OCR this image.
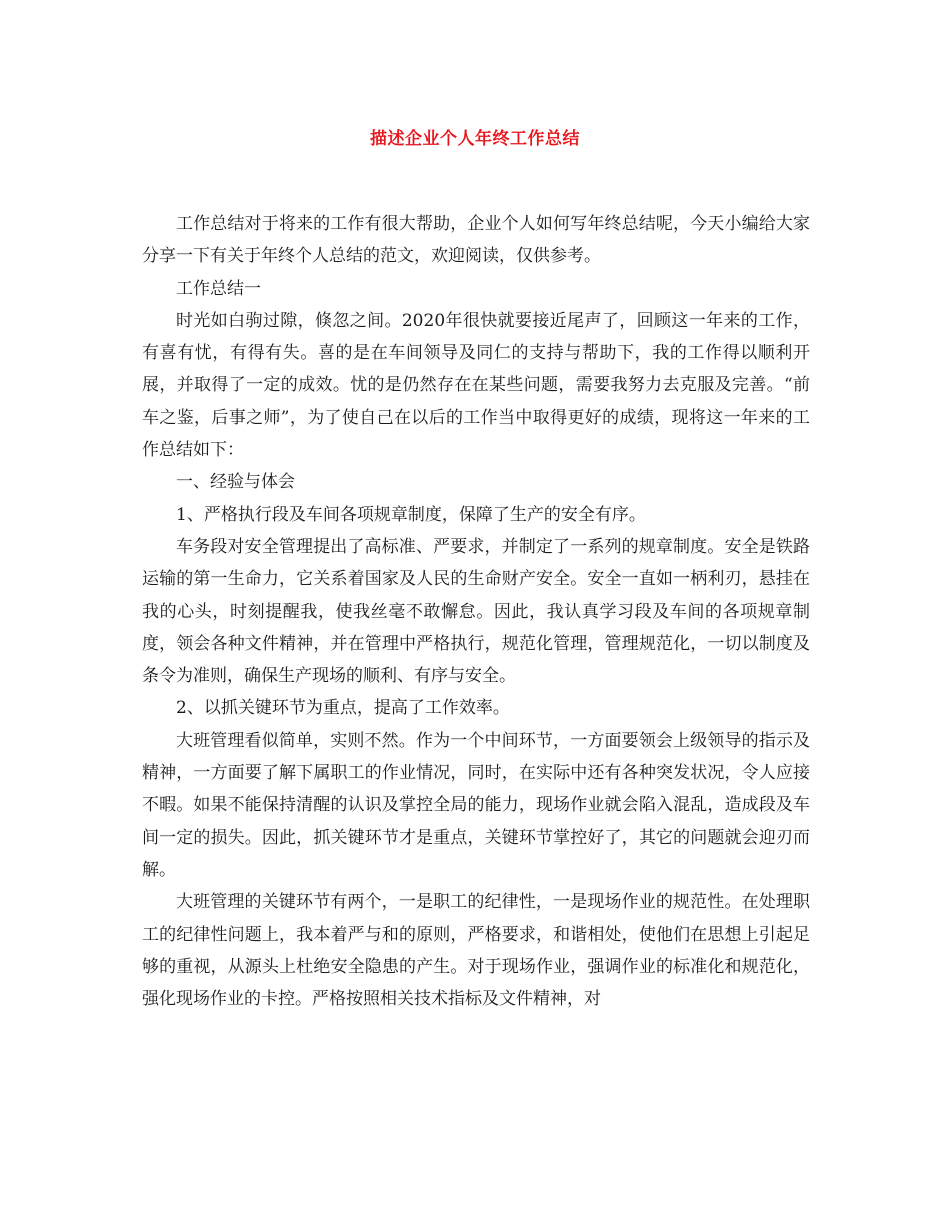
描述企业个人年终工作总结

工作总结对于将来的工作有很大帮助，企业个人如何写年终总结呢，今天小编给大家分享一下有关于年终个人总结的范文，欢迎阅读，仅供参考。

工作总结一

时光如白驹过隙，倏忽之间。2020年很快就要接近尾声了，回顾这一年来的工作，有喜有忧，有得有失。喜的是在车间领导及同仁的支持与帮助下，我的工作得以顺利开展，并取得了一定的成效。忧的是仍然存在在某些问题，需要我努力去克服及完善。“前车之鉴，后事之师”，为了使自己在以后的工作当中取得更好的成绩，现将这一年来的工作总结如下：

一、经验与体会

1、严格执行段及车间各项规章制度，保障了生产的安全有序。

车务段对安全管理提出了高标准、严要求，并制定了一系列的规章制度。安全是铁路运输的第一生命力，它关系着国家及人民的生命财产安全。安全一直如一柄利刃，悬挂在我的心头，时刻提醒我，使我丝毫不敢懈怠。因此，我认真学习段及车间的各项规章制度，领会各种文件精神，并在管理中严格执行，规范化管理，管理规范化，一切以制度及条令为准则，确保生产现场的顺利、有序与安全。

2、以抓关键环节为重点，提高了工作效率。

大班管理看似简单，实则不然。作为一个中间环节，一方面要领会上级领导的指示及精神，一方面要了解下属职工的作业情况，同时，在实际中还有各种突发状况，令人应接不暇。如果不能保持清醒的认识及掌控全局的能力，现场作业就会陷入混乱，造成段及车间一定的损失。因此，抓关键环节才是重点，关键环节掌控好了，其它的问题就会迎刃而解。

大班管理的关键环节有两个，一是职工的纪律性，一是现场作业的规范性。在处理职工的纪律性问题上，我本着严与和的原则，严格要求，和谐相处，使他们在思想上引起足够的重视，从源头上杜绝安全隐患的产生。对于现场作业，强调作业的标准化和规范化，强化现场作业的卡控。严格按照相关技术指标及文件精神，对
